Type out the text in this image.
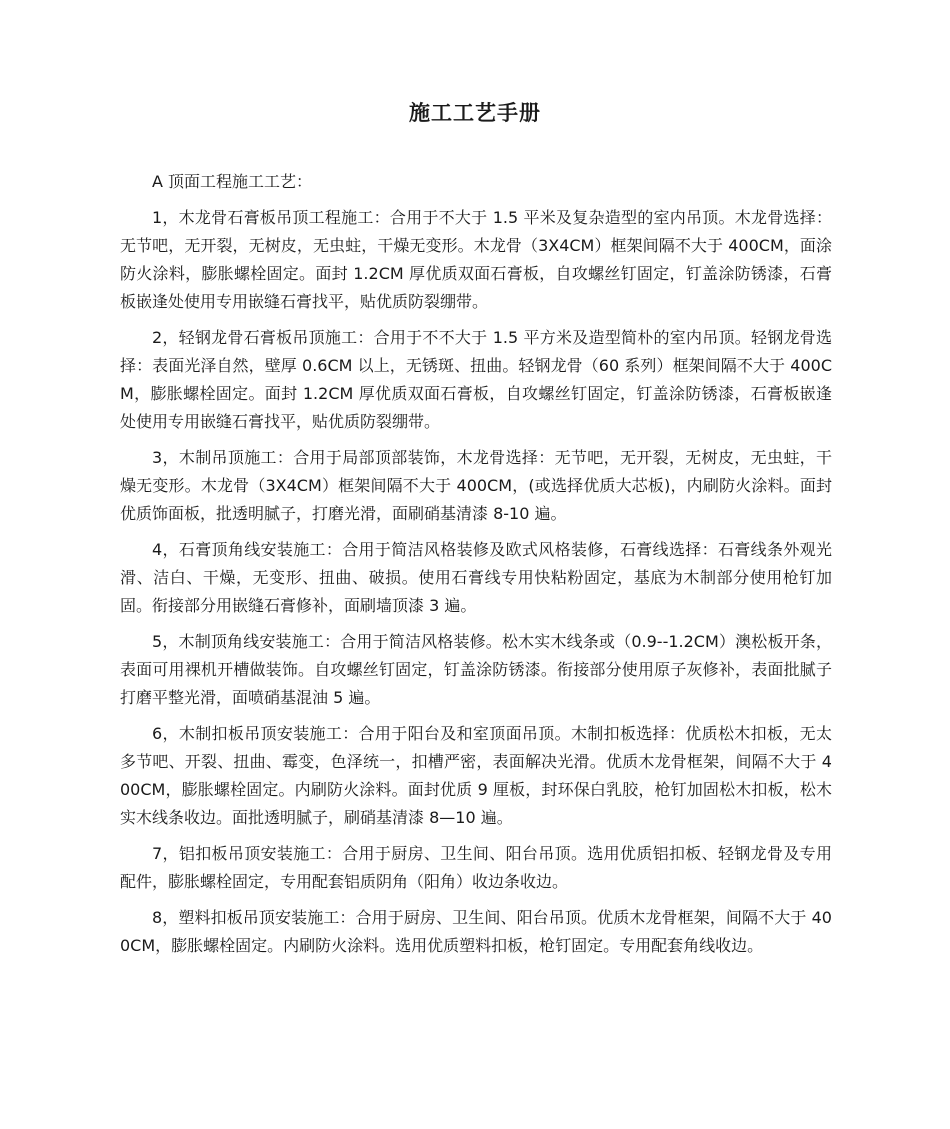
施工工艺手册

A 顶面工程施工工艺：

1，木龙骨石膏板吊顶工程施工：合用于不大于 1.5 平米及复杂造型的室内吊顶。木龙骨选择：无节吧，无开裂，无树皮，无虫蛀，干燥无变形。木龙骨（3X4CM）框架间隔不大于 400CM，面涂防火涂料，膨胀螺栓固定。面封 1.2CM 厚优质双面石膏板，自攻螺丝钉固定，钉盖涂防锈漆，石膏板嵌逢处使用专用嵌缝石膏找平，贴优质防裂绷带。

2，轻钢龙骨石膏板吊顶施工：合用于不不大于 1.5 平方米及造型简朴的室内吊顶。轻钢龙骨选择：表面光泽自然，壁厚 0.6CM 以上，无锈斑、扭曲。轻钢龙骨（60 系列）框架间隔不大于 400CM，膨胀螺栓固定。面封 1.2CM 厚优质双面石膏板，自攻螺丝钉固定，钉盖涂防锈漆，石膏板嵌逢处使用专用嵌缝石膏找平，贴优质防裂绷带。

3，木制吊顶施工：合用于局部顶部装饰，木龙骨选择：无节吧，无开裂，无树皮，无虫蛀，干燥无变形。木龙骨（3X4CM）框架间隔不大于 400CM，(或选择优质大芯板)，内刷防火涂料。面封优质饰面板，批透明腻子，打磨光滑，面刷硝基清漆 8-10 遍。

4，石膏顶角线安装施工：合用于简洁风格装修及欧式风格装修，石膏线选择：石膏线条外观光滑、洁白、干燥，无变形、扭曲、破损。使用石膏线专用快粘粉固定，基底为木制部分使用枪钉加固。衔接部分用嵌缝石膏修补，面刷墙顶漆 3 遍。

5，木制顶角线安装施工：合用于简洁风格装修。松木实木线条或（0.9--1.2CM）澳松板开条，表面可用裸机开槽做装饰。自攻螺丝钉固定，钉盖涂防锈漆。衔接部分使用原子灰修补，表面批腻子打磨平整光滑，面喷硝基混油 5 遍。

6，木制扣板吊顶安装施工：合用于阳台及和室顶面吊顶。木制扣板选择：优质松木扣板，无太多节吧、开裂、扭曲、霉变，色泽统一，扣槽严密，表面解决光滑。优质木龙骨框架，间隔不大于 400CM，膨胀螺栓固定。内刷防火涂料。面封优质 9 厘板，封环保白乳胶，枪钉加固松木扣板，松木实木线条收边。面批透明腻子，刷硝基清漆 8—10 遍。

7，铝扣板吊顶安装施工：合用于厨房、卫生间、阳台吊顶。选用优质铝扣板、轻钢龙骨及专用配件，膨胀螺栓固定，专用配套铝质阴角（阳角）收边条收边。

8，塑料扣板吊顶安装施工：合用于厨房、卫生间、阳台吊顶。优质木龙骨框架，间隔不大于 400CM，膨胀螺栓固定。内刷防火涂料。选用优质塑料扣板，枪钉固定。专用配套角线收边。
